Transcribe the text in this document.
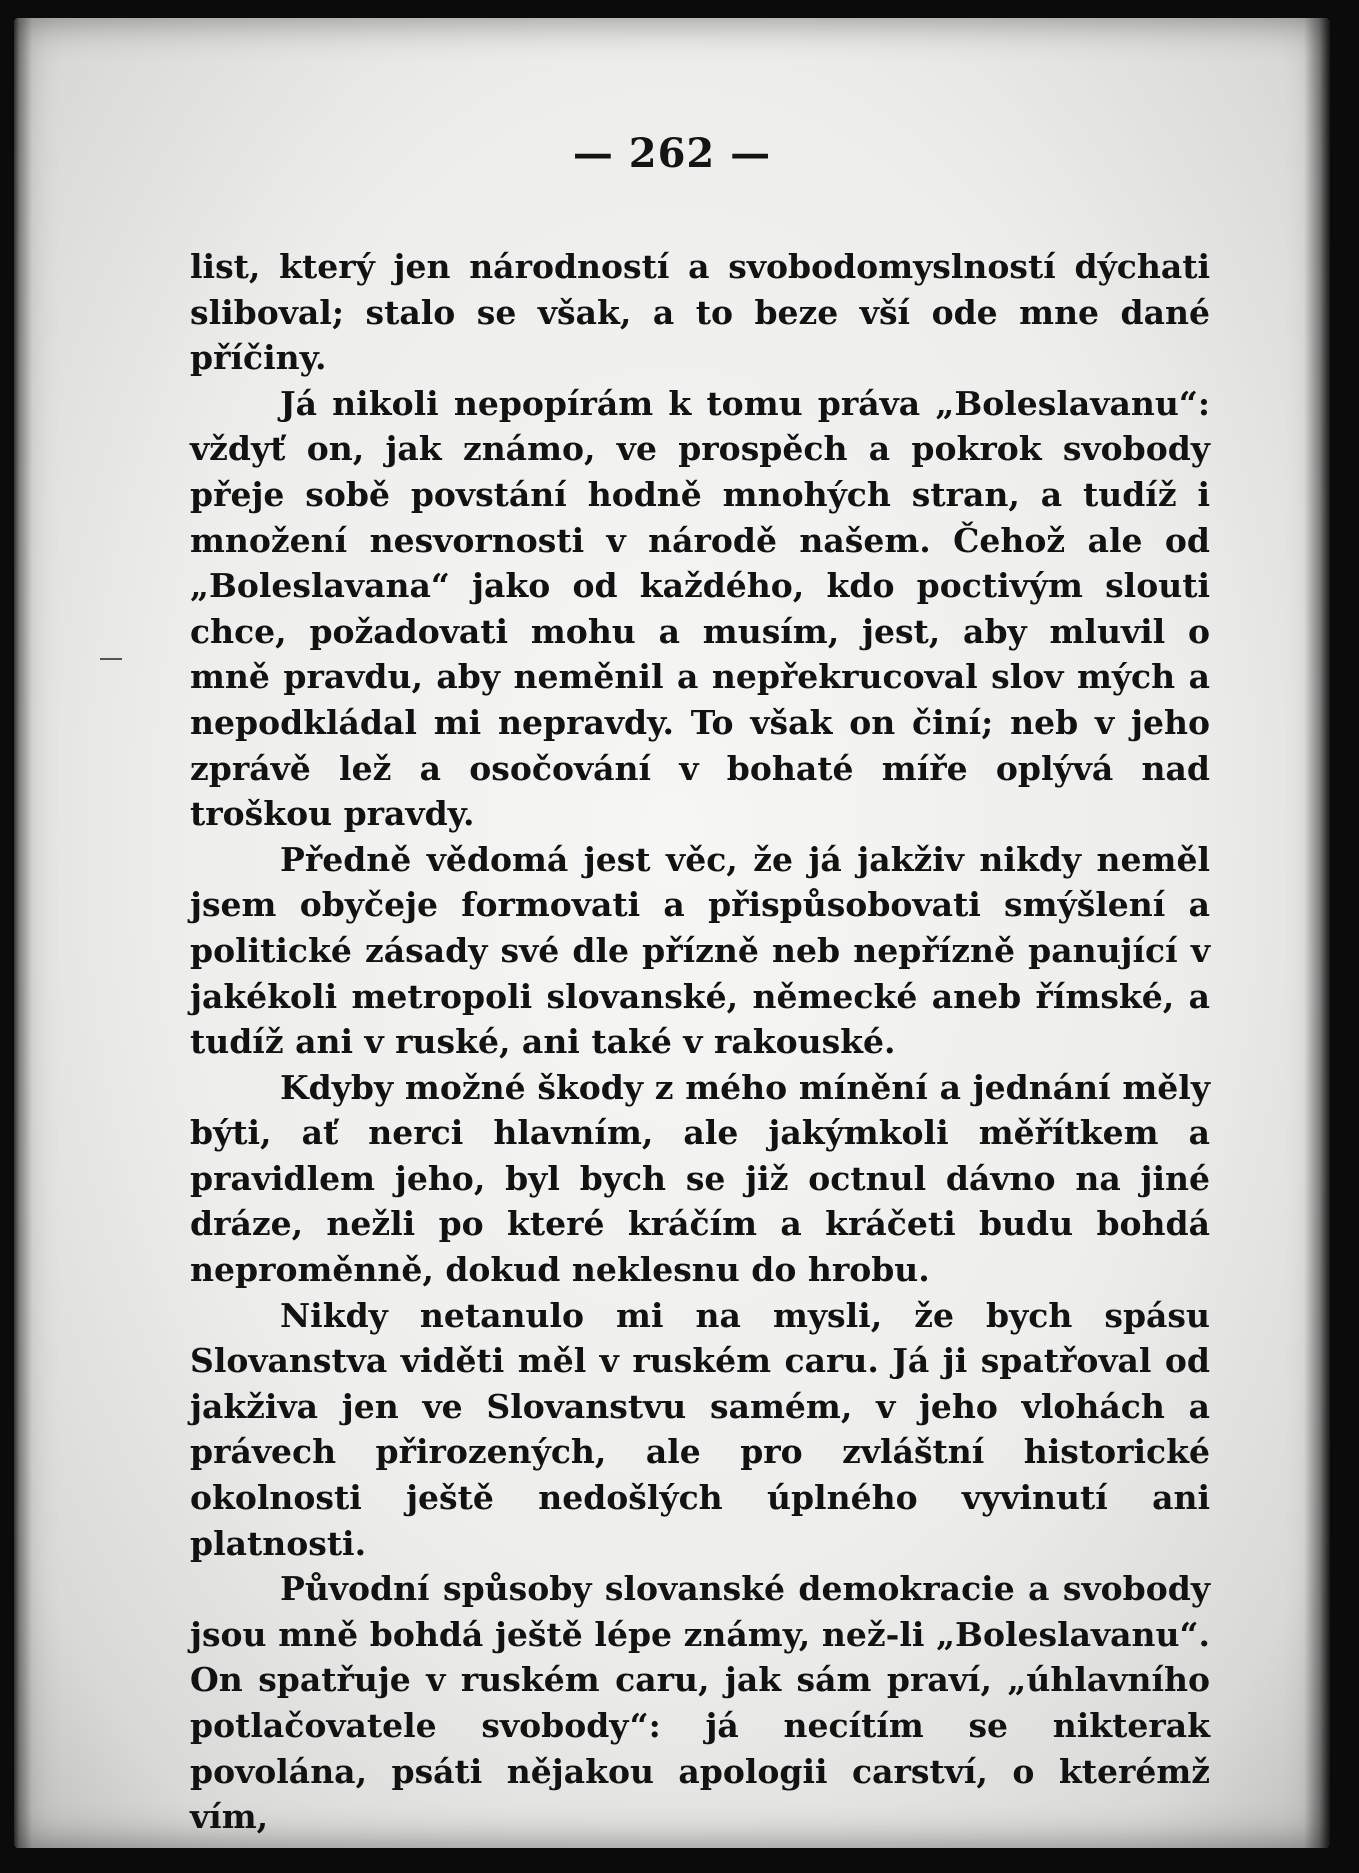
— 262 —

list, který jen národností a svobodomyslností dýchati sliboval; stalo se však, a to beze vší ode mne dané příčiny.

Já nikoli nepopírám k tomu práva „Boleslavanu“: vždyť on, jak známo, ve prospěch a pokrok svobody přeje sobě povstání hodně mnohých stran, a tudíž i množení nesvornosti v národě našem. Čehož ale od „Boleslavana“ jako od každého, kdo poctivým slouti chce, požadovati mohu a musím, jest, aby mluvil o mně pravdu, aby neměnil a nepřekrucoval slov mých a nepodkládal mi nepravdy. To však on činí; neb v jeho zprávě lež a osočování v bohaté míře oplývá nad troškou pravdy.

Předně vědomá jest věc, že já jakživ nikdy neměl jsem obyčeje formovati a přispůsobovati smýšlení a politické zásady své dle přízně neb nepřízně panující v jakékoli metropoli slovanské, německé aneb římské, a tudíž ani v ruské, ani také v rakouské.

Kdyby možné škody z mého mínění a jednání měly býti, ať nerci hlavním, ale jakýmkoli měřítkem a pravidlem jeho, byl bych se již octnul dávno na jiné dráze, nežli po které kráčím a kráčeti budu bohdá neproměnně, dokud neklesnu do hrobu.

Nikdy netanulo mi na mysli, že bych spásu Slovanstva viděti měl v ruském caru. Já ji spatřoval od jakživa jen ve Slovanstvu samém, v jeho vlohách a právech přirozených, ale pro zvláštní historické okolnosti ještě nedošlých úplného vyvinutí ani platnosti.

Původní spůsoby slovanské demokracie a svobody jsou mně bohdá ještě lépe známy, než-li „Boleslavanu“. On spatřuje v ruském caru, jak sám praví, „úhlavního potlačovatele svobody“: já necítím se nikterak povolána, psáti nějakou apologii carství, o kterémž vím,
